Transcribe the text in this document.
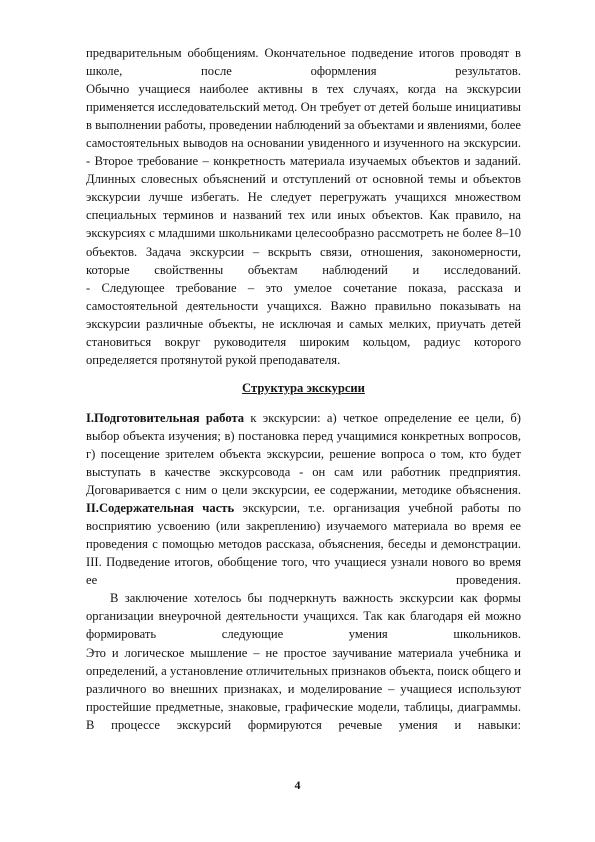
предварительным обобщениям. Окончательное подведение итогов проводят в школе, после оформления результатов.

Обычно учащиеся наиболее активны в тех случаях, когда на экскурсии применяется исследовательский метод. Он требует от детей больше инициативы в выполнении работы, проведении наблюдений за объектами и явлениями, более самостоятельных выводов на основании увиденного и изученного на экскурсии.

- Второе требование – конкретность материала изучаемых объектов и заданий. Длинных словесных объяснений и отступлений от основной темы и объектов экскурсии лучше избегать. Не следует перегружать учащихся множеством специальных терминов и названий тех или иных объектов. Как правило, на экскурсиях с младшими школьниками целесообразно рассмотреть не более 8–10 объектов. Задача экскурсии – вскрыть связи, отношения, закономерности, которые свойственны объектам наблюдений и исследований.

- Следующее требование – это умелое сочетание показа, рассказа и самостоятельной деятельности учащихся. Важно правильно показывать на экскурсии различные объекты, не исключая и самых мелких, приучать детей становиться вокруг руководителя широким кольцом, радиус которого определяется протянутой рукой преподавателя.

Структура экскурсии

I.Подготовительная работа к экскурсии: а) четкое определение ее цели, б) выбор объекта изучения; в) постановка перед учащимися конкретных вопросов, г) посещение зрителем объекта экскурсии, решение вопроса о том, кто будет выступать в качестве экскурсовода - он сам или работник предприятия. Договаривается с ним о цели экскурсии, ее содержании, методике объяснения.

II.Содержательная часть экскурсии, т.е. организация учебной работы по восприятию усвоению (или закреплению) изучаемого материала во время ее проведения с помощью методов рассказа, объяснения, беседы и демонстрации.

III. Подведение итогов, обобщение того, что учащиеся узнали нового во время ее проведения.

В заключение хотелось бы подчеркнуть важность экскурсии как формы организации внеурочной деятельности учащихся. Так как благодаря ей можно формировать следующие умения школьников.

Это и логическое мышление – не простое заучивание материала учебника и определений, а установление отличительных признаков объекта, поиск общего и различного во внешних признаках, и моделирование – учащиеся используют простейшие предметные, знаковые, графические модели, таблицы, диаграммы. В процессе экскурсий формируются речевые умения и навыки:

4
